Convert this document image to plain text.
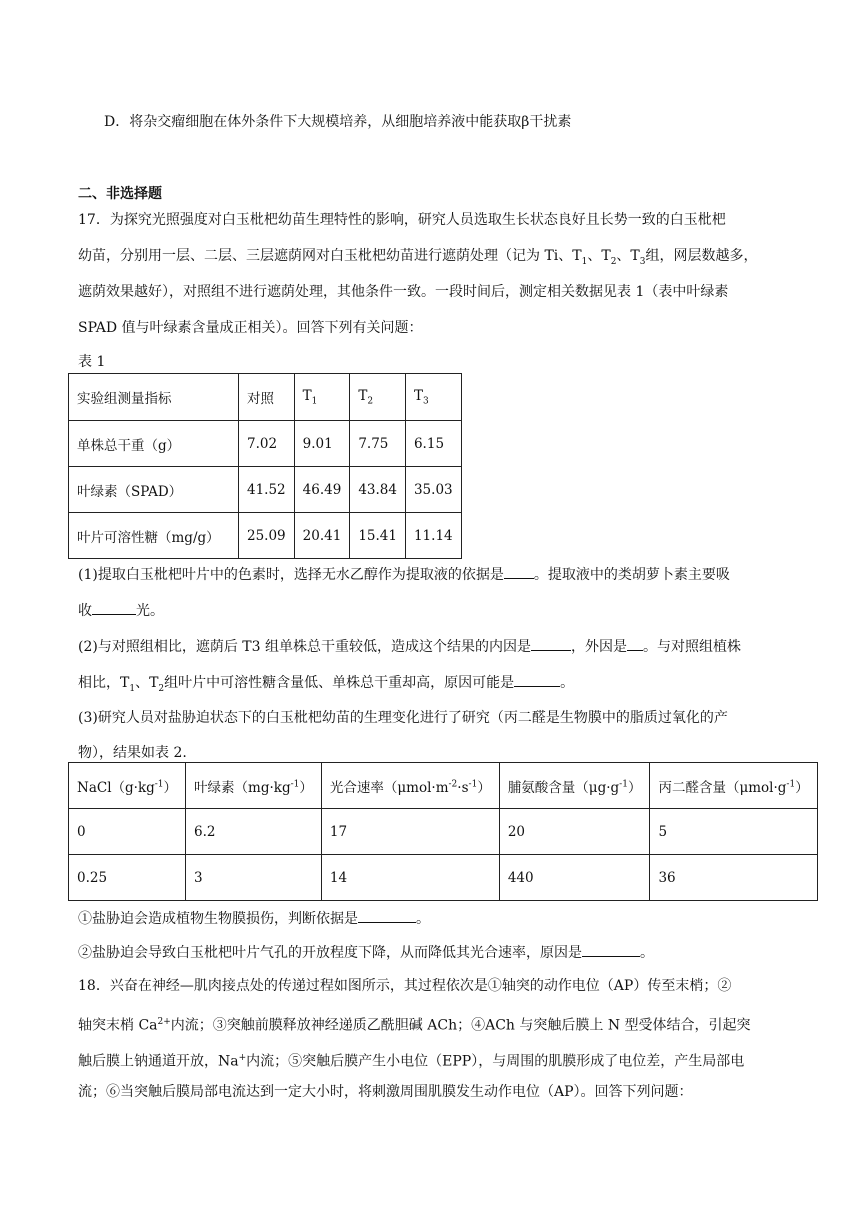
D．将杂交瘤细胞在体外条件下大规模培养，从细胞培养液中能获取β干扰素
二、非选择题
17．为探究光照强度对白玉枇杷幼苗生理特性的影响，研究人员选取生长状态良好且长势一致的白玉枇杷
幼苗，分别用一层、二层、三层遮荫网对白玉枇杷幼苗进行遮荫处理（记为 Ti、$T_1$、$T_2$、$T_3$组，网层数越多，
遮荫效果越好），对照组不进行遮荫处理，其他条件一致。一段时间后，测定相关数据见表 1（表中叶绿素
SPAD 值与叶绿素含量成正相关）。回答下列有关问题：
表 1
实验组测量指标	对照	$T_1$	$T_2$	$T_3$
单株总干重（g）	7.02	9.01	7.75	6.15
叶绿素（SPAD）	41.52	46.49	43.84	35.03
叶片可溶性糖（mg/g）	25.09	20.41	15.41	11.14
(1)提取白玉枇杷叶片中的色素时，选择无水乙醇作为提取液的依据是 。提取液中的类胡萝卜素主要吸
收	光。
(2)与对照组相比，遮荫后 T3 组单株总干重较低，造成这个结果的内因是	，外因是 。与对照组植株
相比，$T_1$、$T_2$组叶片中可溶性糖含量低、单株总干重却高，原因可能是	。
(3)研究人员对盐胁迫状态下的白玉枇杷幼苗的生理变化进行了研究（丙二醛是生物膜中的脂质过氧化的产
物），结果如表 2.
$NaCl(g\cdot kg^{-1})$	叶绿素$(mg\cdot kg^{-1})$	光合速率$(\mu mol\cdot m^{-2}\cdot s^{-1})$	脯氨酸含量$(\mu g\cdot g^{-1})$	丙二醛含量$(\mu mol\cdot g^{-1})$
0	6.2	17	20	5
0.25	3	14	440	36
①盐胁迫会造成植物生物膜损伤，判断依据是	。
②盐胁迫会导致白玉枇杷叶片气孔的开放程度下降，从而降低其光合速率，原因是	。
18．兴奋在神经—肌肉接点处的传递过程如图所示，其过程依次是①轴突的动作电位（AP）传至末梢；②
轴突末梢 $Ca^{2+}$内流；③突触前膜释放神经递质乙酰胆碱 ACh；④ACh 与突触后膜上 N 型受体结合，引起突
触后膜上钠通道开放，Na+内流；⑤突触后膜产生小电位（EPP），与周围的肌膜形成了电位差，产生局部电
流；⑥当突触后膜局部电流达到一定大小时，将刺激周围肌膜发生动作电位（AP）。回答下列问题：
